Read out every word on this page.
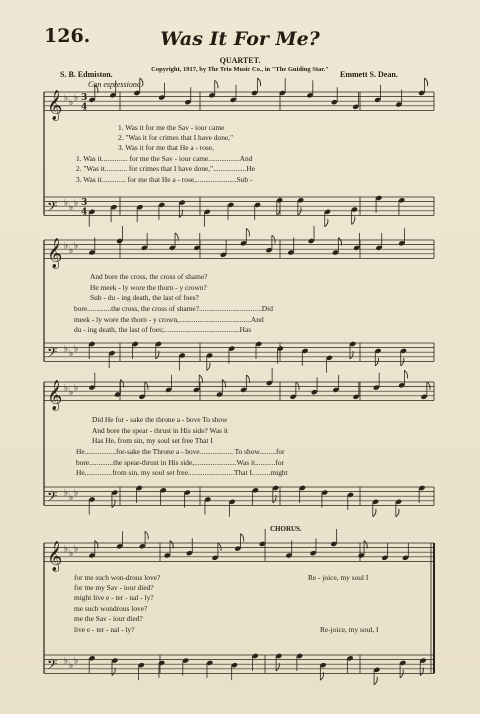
126.	Was It For Me?
QUARTET.
Copyright, 1917, by The Trio Music Co., in "The Guiding Star."
S. B. Edmiston.	Emmett S. Dean.
Con espressione.
CHORUS.
𝄞 ♭ ♭ ♭ 3
4
𝄢 ♭ ♭ ♭ 3
4
𝄞 ♭ ♭ ♭
𝄢 ♭ ♭ ♭
𝄞 ♭ ♭ ♭
𝄢 ♭ ♭ ♭
𝄞 ♭ ♭ ♭
𝄢 ♭ ♭ ♭
1. Was it for me the Sav - iour came
2. "Was it for crimes that I have done,"
3. Was it for me that He a - rose,
1. Was it.............. for me the Sav - iour came.................And
2. "Was it............ for crimes that I have done,"..................He
3. Was it............. for me that He a - rose,......................Sub -
And bore the cross, the cross of shame?
He meek - ly wore the thorn - y crown?
Sub - du - ing death, the last of foes?
bore.............the cross, the cross of shame?..................................Did
meek - ly wore the thorn - y crown,.......................................And
du - ing death, the last of foes;.........................................Has
Did He for - sake the throne a - bove To show
And bore the spear - thrust in His side? Was it
Has He, from sin, my soul set free That I
He.................for-sake the Throne a - bove.................. To show.........for
bore.............the spear-thrust in His side,.......................Was it...........for
He,..............from sin, my soul set free.........................That I..........might
for me such won-drous love?
for me my Sav - iour died?
might live e - ter - nal - ly?
me such wondrous love?
me the Sav - iour died?
live e - ter - nal - ly?
Re - joice, my soul I
Re-joice, my soul, I
